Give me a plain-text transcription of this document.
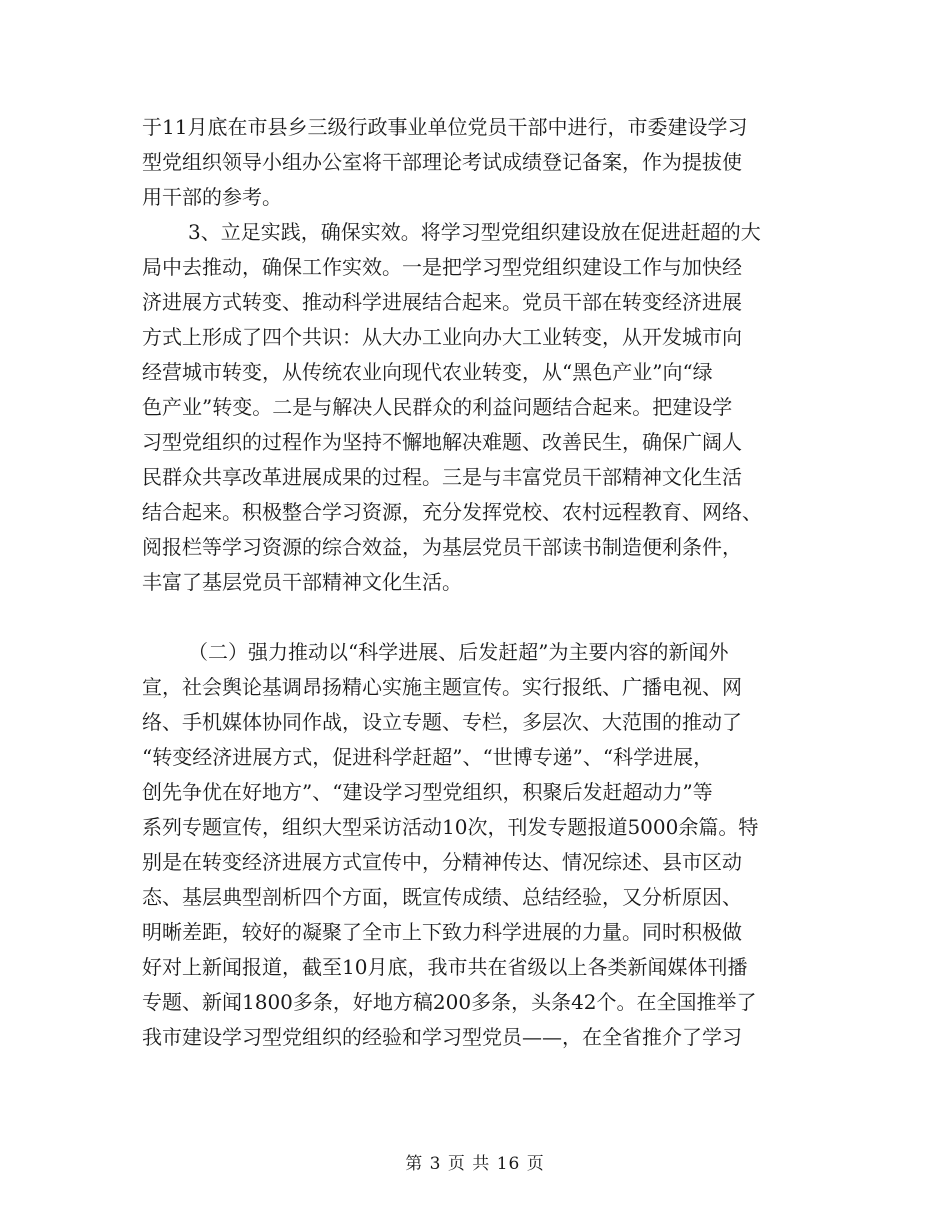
于11月底在市县乡三级行政事业单位党员干部中进行，市委建设学习
型党组织领导小组办公室将干部理论考试成绩登记备案，作为提拔使
用干部的参考。
3、立足实践，确保实效。将学习型党组织建设放在促进赶超的大
局中去推动，确保工作实效。一是把学习型党组织建设工作与加快经
济进展方式转变、推动科学进展结合起来。党员干部在转变经济进展
方式上形成了四个共识：从大办工业向办大工业转变，从开发城市向
经营城市转变，从传统农业向现代农业转变，从“黑色产业”向“绿
色产业”转变。二是与解决人民群众的利益问题结合起来。把建设学
习型党组织的过程作为坚持不懈地解决难题、改善民生，确保广阔人
民群众共享改革进展成果的过程。三是与丰富党员干部精神文化生活
结合起来。积极整合学习资源，充分发挥党校、农村远程教育、网络、
阅报栏等学习资源的综合效益，为基层党员干部读书制造便利条件，
丰富了基层党员干部精神文化生活。
（二）强力推动以“科学进展、后发赶超”为主要内容的新闻外
宣，社会舆论基调昂扬精心实施主题宣传。实行报纸、广播电视、网
络、手机媒体协同作战，设立专题、专栏，多层次、大范围的推动了
“转变经济进展方式，促进科学赶超”、“世博专递”、“科学进展，
创先争优在好地方”、“建设学习型党组织，积聚后发赶超动力”等
系列专题宣传，组织大型采访活动10次，刊发专题报道5000余篇。特
别是在转变经济进展方式宣传中，分精神传达、情况综述、县市区动
态、基层典型剖析四个方面，既宣传成绩、总结经验，又分析原因、
明晰差距，较好的凝聚了全市上下致力科学进展的力量。同时积极做
好对上新闻报道，截至10月底，我市共在省级以上各类新闻媒体刊播
专题、新闻1800多条，好地方稿200多条，头条42个。在全国推举了
我市建设学习型党组织的经验和学习型党员——，在全省推介了学习
第 3 页 共 16 页
